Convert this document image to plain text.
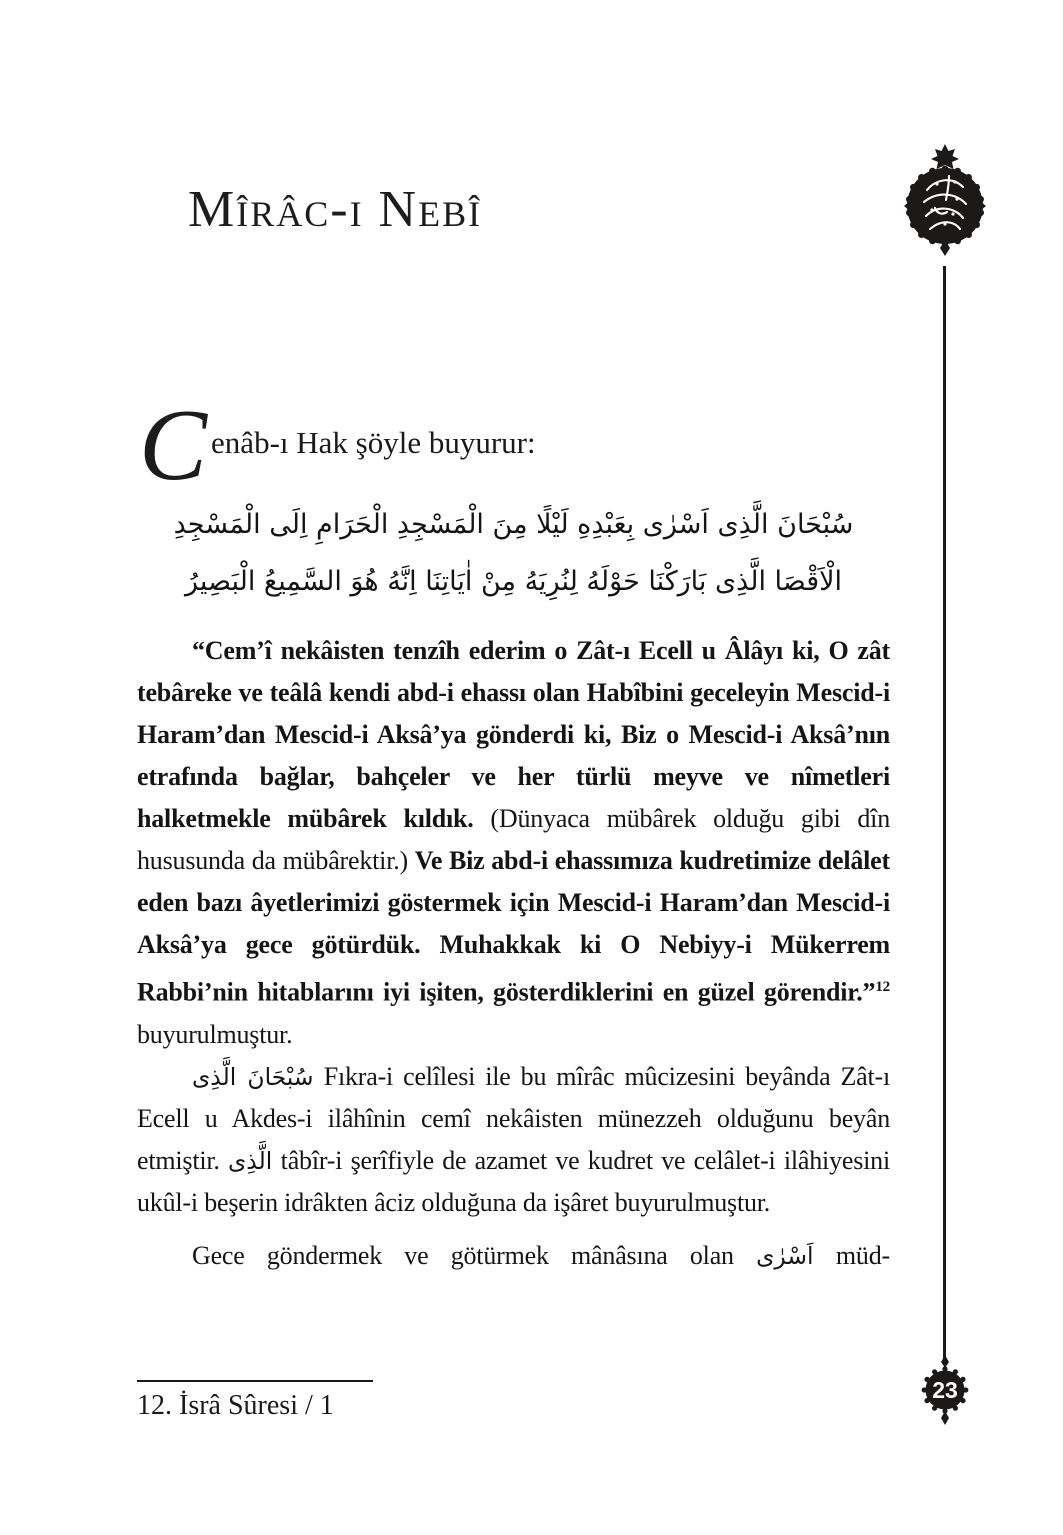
Mîrâc-ı Nebî
Cenâb-ı Hak şöyle buyurur:
سُبْحَانَ الَّذِى اَسْرٰى بِعَبْدِهِ لَيْلًا مِنَ الْمَسْجِدِ الْحَرَامِ اِلَى الْمَسْجِدِ
الْاَقْصَا الَّذِى بَارَكْنَا حَوْلَهُ لِنُرِيَهُ مِنْ اٰيَاتِنَا اِنَّهُ هُوَ السَّمِيعُ الْبَصِيرُ

“Cem’î nekâisten tenzîh ederim o Zât-ı Ecell u Âlâyı ki, O zât tebâreke ve teâlâ kendi abd-i ehassı olan Habîbini geceleyin Mescid-i Haram’dan Mescid-i Aksâ’ya gönderdi ki, Biz o Mescid-i Aksâ’nın etrafında bağlar, bahçeler ve her türlü meyve ve nîmetleri halketmekle mübârek kıldık. (Dünyaca mübârek olduğu gibi dîn hususunda da mübârektir.) Ve Biz abd-i ehassımıza kudretimize delâlet eden bazı âyetlerimizi göstermek için Mescid-i Haram’dan Mescid-i Aksâ’ya gece götürdük. Muhakkak ki O Nebiyy-i Mükerrem Rabbi’nin hitablarını iyi işiten, gösterdiklerini en güzel görendir.”$^{12}$ buyurulmuştur.

سُبْحَانَ الَّذِى Fıkra-i celîlesi ile bu mîrâc mûcizesini beyânda Zât-ı Ecell u Akdes-i ilâhînin cemî nekâisten münezzeh olduğunu beyân etmiştir. الَّذِى tâbîr-i şerîfiyle de azamet ve kudret ve celâlet-i ilâhiyesini ukûl-i beşerin idrâkten âciz olduğuna da işâret buyurulmuştur.

Gece göndermek ve götürmek mânâsına olan اَسْرٰى müd-

12. İsrâ Sûresi / 1	23
